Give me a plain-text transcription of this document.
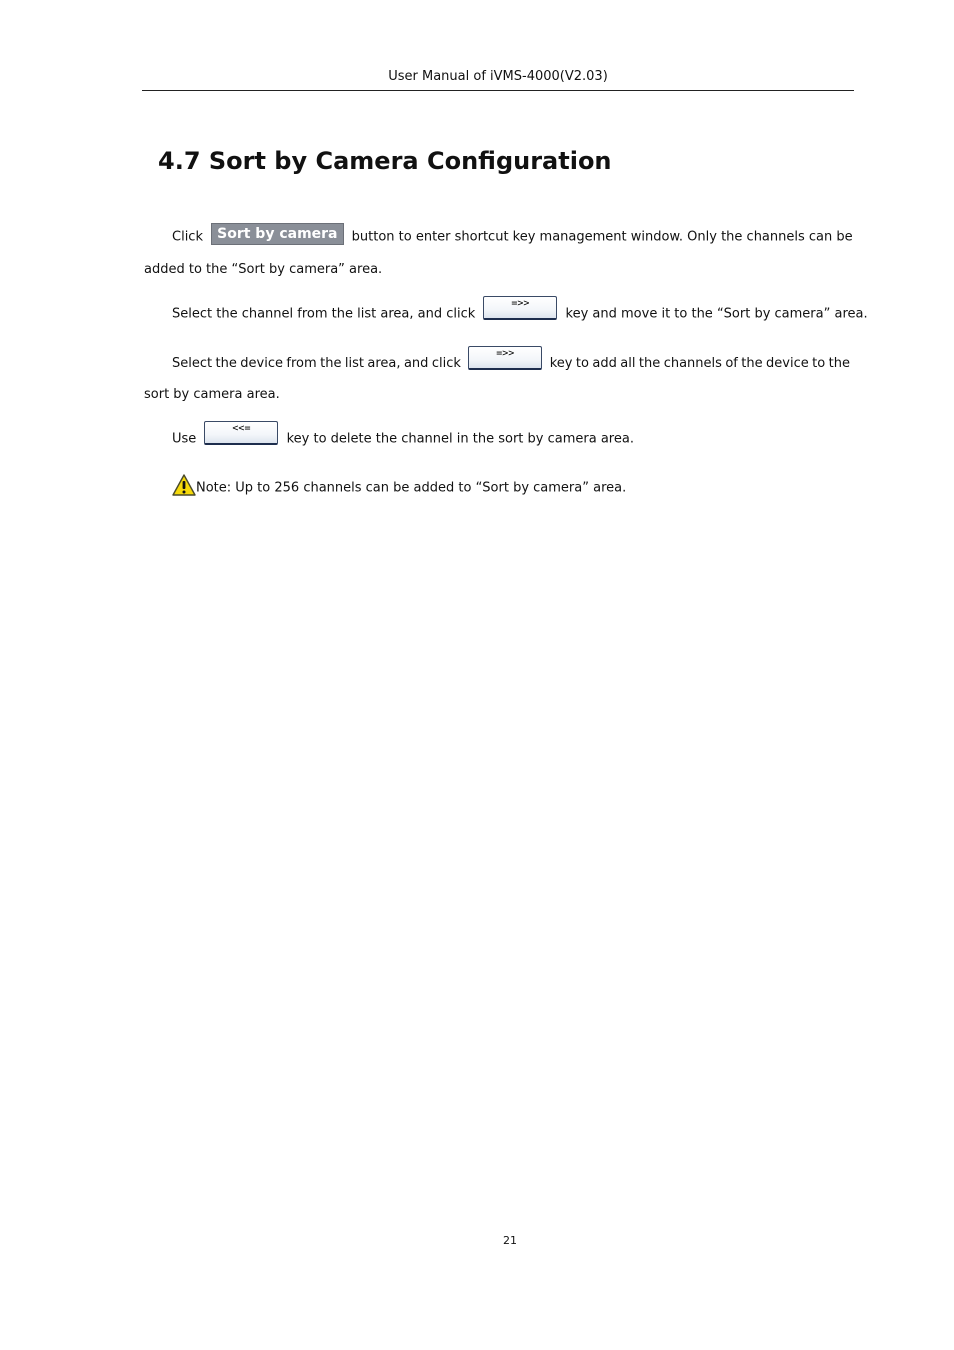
User Manual of iVMS-4000(V2.03)
4.7 Sort by Camera Configuration
Click Sort by camera button to enter shortcut key management window. Only the channels can be
added to the “Sort by camera” area.
Select the channel from the list area, and click =>> key and move it to the “Sort by camera” area.
Select the device from the list area, and click
=>>
key to add all the channels of the device to the
sort by camera area.
Use <<= key to delete the channel in the sort by camera area.
Note: Up to 256 channels can be added to “Sort by camera” area.
21
